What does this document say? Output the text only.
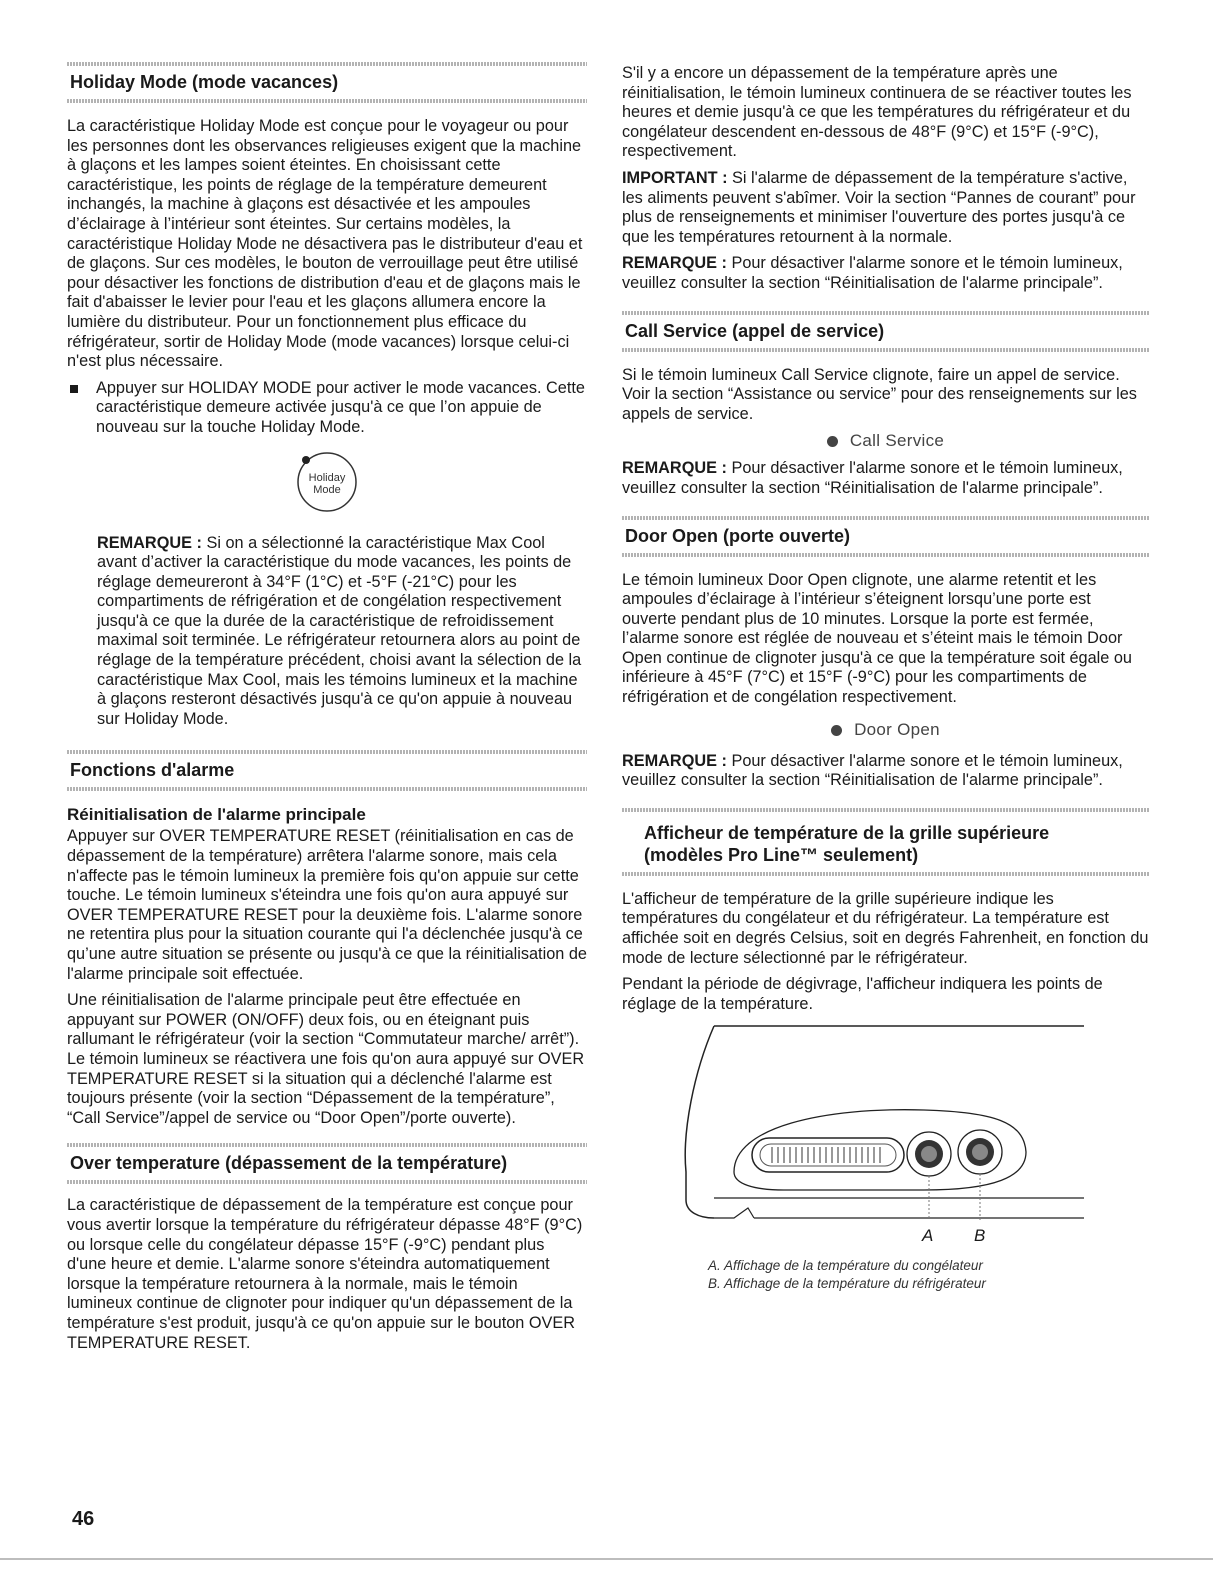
Holiday Mode (mode vacances)

La caractéristique Holiday Mode est conçue pour le voyageur ou pour les personnes dont les observances religieuses exigent que la machine à glaçons et les lampes soient éteintes. En choisissant cette caractéristique, les points de réglage de la température demeurent inchangés, la machine à glaçons est désactivée et les ampoules d’éclairage à l’intérieur sont éteintes. Sur certains modèles, la caractéristique Holiday Mode ne désactivera pas le distributeur d'eau et de glaçons. Sur ces modèles, le bouton de verrouillage peut être utilisé pour désactiver les fonctions de distribution d'eau et de glaçons mais le fait d'abaisser le levier pour l'eau et les glaçons allumera encore la lumière du distributeur. Pour un fonctionnement plus efficace du réfrigérateur, sortir de Holiday Mode (mode vacances) lorsque celui-ci n'est plus nécessaire.

Appuyer sur HOLIDAY MODE pour activer le mode vacances. Cette caractéristique demeure activée jusqu'à ce que l’on appuie de nouveau sur la touche Holiday Mode.
Holiday
Mode

REMARQUE : Si on a sélectionné la caractéristique Max Cool avant d’activer la caractéristique du mode vacances, les points de réglage demeureront à 34°F (1°C) et -5°F (-21°C) pour les compartiments de réfrigération et de congélation respectivement jusqu'à ce que la durée de la caractéristique de refroidissement maximal soit terminée. Le réfrigérateur retournera alors au point de réglage de la température précédent, choisi avant la sélection de la caractéristique Max Cool, mais les témoins lumineux et la machine à glaçons resteront désactivés jusqu'à ce qu'on appuie à nouveau sur Holiday Mode.

Fonctions d'alarme
Réinitialisation de l'alarme principale

Appuyer sur OVER TEMPERATURE RESET (réinitialisation en cas de dépassement de la température) arrêtera l'alarme sonore, mais cela n'affecte pas le témoin lumineux la première fois qu'on appuie sur cette touche. Le témoin lumineux s'éteindra une fois qu'on aura appuyé sur OVER TEMPERATURE RESET pour la deuxième fois. L'alarme sonore ne retentira plus pour la situation courante qui l'a déclenchée jusqu'à ce qu’une autre situation se présente ou jusqu'à ce que la réinitialisation de l'alarme principale soit effectuée.

Une réinitialisation de l'alarme principale peut être effectuée en appuyant sur POWER (ON/OFF) deux fois, ou en éteignant puis rallumant le réfrigérateur (voir la section “Commutateur marche/ arrêt”). Le témoin lumineux se réactivera une fois qu'on aura appuyé sur OVER TEMPERATURE RESET si la situation qui a déclenché l'alarme est toujours présente (voir la section “Dépassement de la température”, “Call Service”/appel de service ou “Door Open”/porte ouverte).

Over temperature (dépassement de la température)

La caractéristique de dépassement de la température est conçue pour vous avertir lorsque la température du réfrigérateur dépasse 48°F (9°C) ou lorsque celle du congélateur dépasse 15°F (-9°C) pendant plus d'une heure et demie. L'alarme sonore s'éteindra automatiquement lorsque la température retournera à la normale, mais le témoin lumineux continue de clignoter pour indiquer qu'un dépassement de la température s'est produit, jusqu'à ce qu'on appuie sur le bouton OVER TEMPERATURE RESET.

S'il y a encore un dépassement de la température après une réinitialisation, le témoin lumineux continuera de se réactiver toutes les heures et demie jusqu'à ce que les températures du réfrigérateur et du congélateur descendent en-dessous de 48°F (9°C) et 15°F (-9°C), respectivement.

IMPORTANT : Si l'alarme de dépassement de la température s'active, les aliments peuvent s'abîmer. Voir la section “Pannes de courant” pour plus de renseignements et minimiser l'ouverture des portes jusqu'à ce que les températures retournent à la normale.

REMARQUE : Pour désactiver l'alarme sonore et le témoin lumineux, veuillez consulter la section “Réinitialisation de l'alarme principale”.

Call Service (appel de service)

Si le témoin lumineux Call Service clignote, faire un appel de service. Voir la section “Assistance ou service” pour des renseignements sur les appels de service.

Call Service

REMARQUE : Pour désactiver l'alarme sonore et le témoin lumineux, veuillez consulter la section “Réinitialisation de l'alarme principale”.

Door Open (porte ouverte)

Le témoin lumineux Door Open clignote, une alarme retentit et les ampoules d’éclairage à l’intérieur s’éteignent lorsqu’une porte est ouverte pendant plus de 10 minutes. Lorsque la porte est fermée, l’alarme sonore est réglée de nouveau et s’éteint mais le témoin Door Open continue de clignoter jusqu'à ce que la température soit égale ou inférieure à 45°F (7°C) et 15°F (-9°C) pour les compartiments de réfrigération et de congélation respectivement.

Door Open

REMARQUE : Pour désactiver l'alarme sonore et le témoin lumineux, veuillez consulter la section “Réinitialisation de l'alarme principale”.

Afficheur de température de la grille supérieure
(modèles Pro Line™ seulement)

L'afficheur de température de la grille supérieure indique les températures du congélateur et du réfrigérateur. La température est affichée soit en degrés Celsius, soit en degrés Fahrenheit, en fonction du mode de lecture sélectionné par le réfrigérateur.

Pendant la période de dégivrage, l'afficheur indiquera les points de réglage de la température.

A B
A. Affichage de la température du congélateur
B. Affichage de la température du réfrigérateur
46
